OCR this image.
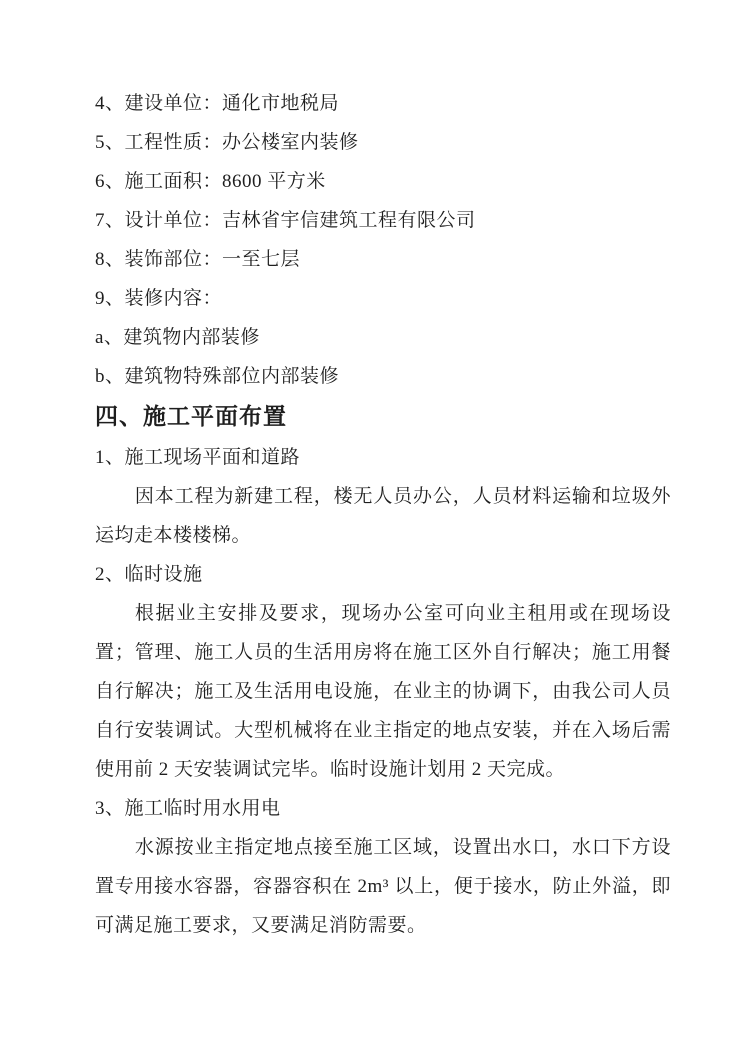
4、建设单位：通化市地税局
5、工程性质：办公楼室内装修
6、施工面积：8600 平方米
7、设计单位：吉林省宇信建筑工程有限公司
8、装饰部位：一至七层
9、装修内容：
a、建筑物内部装修
b、建筑物特殊部位内部装修
四、施工平面布置
1、施工现场平面和道路
因本工程为新建工程，楼无人员办公，人员材料运输和垃圾外运均走本楼楼梯。
2、临时设施
根据业主安排及要求，现场办公室可向业主租用或在现场设置；管理、施工人员的生活用房将在施工区外自行解决；施工用餐自行解决；施工及生活用电设施，在业主的协调下，由我公司人员自行安装调试。大型机械将在业主指定的地点安装，并在入场后需使用前 2 天安装调试完毕。临时设施计划用 2 天完成。
3、施工临时用水用电
水源按业主指定地点接至施工区域，设置出水口，水口下方设置专用接水容器，容器容积在 2m³ 以上，便于接水，防止外溢，即可满足施工要求，又要满足消防需要。
